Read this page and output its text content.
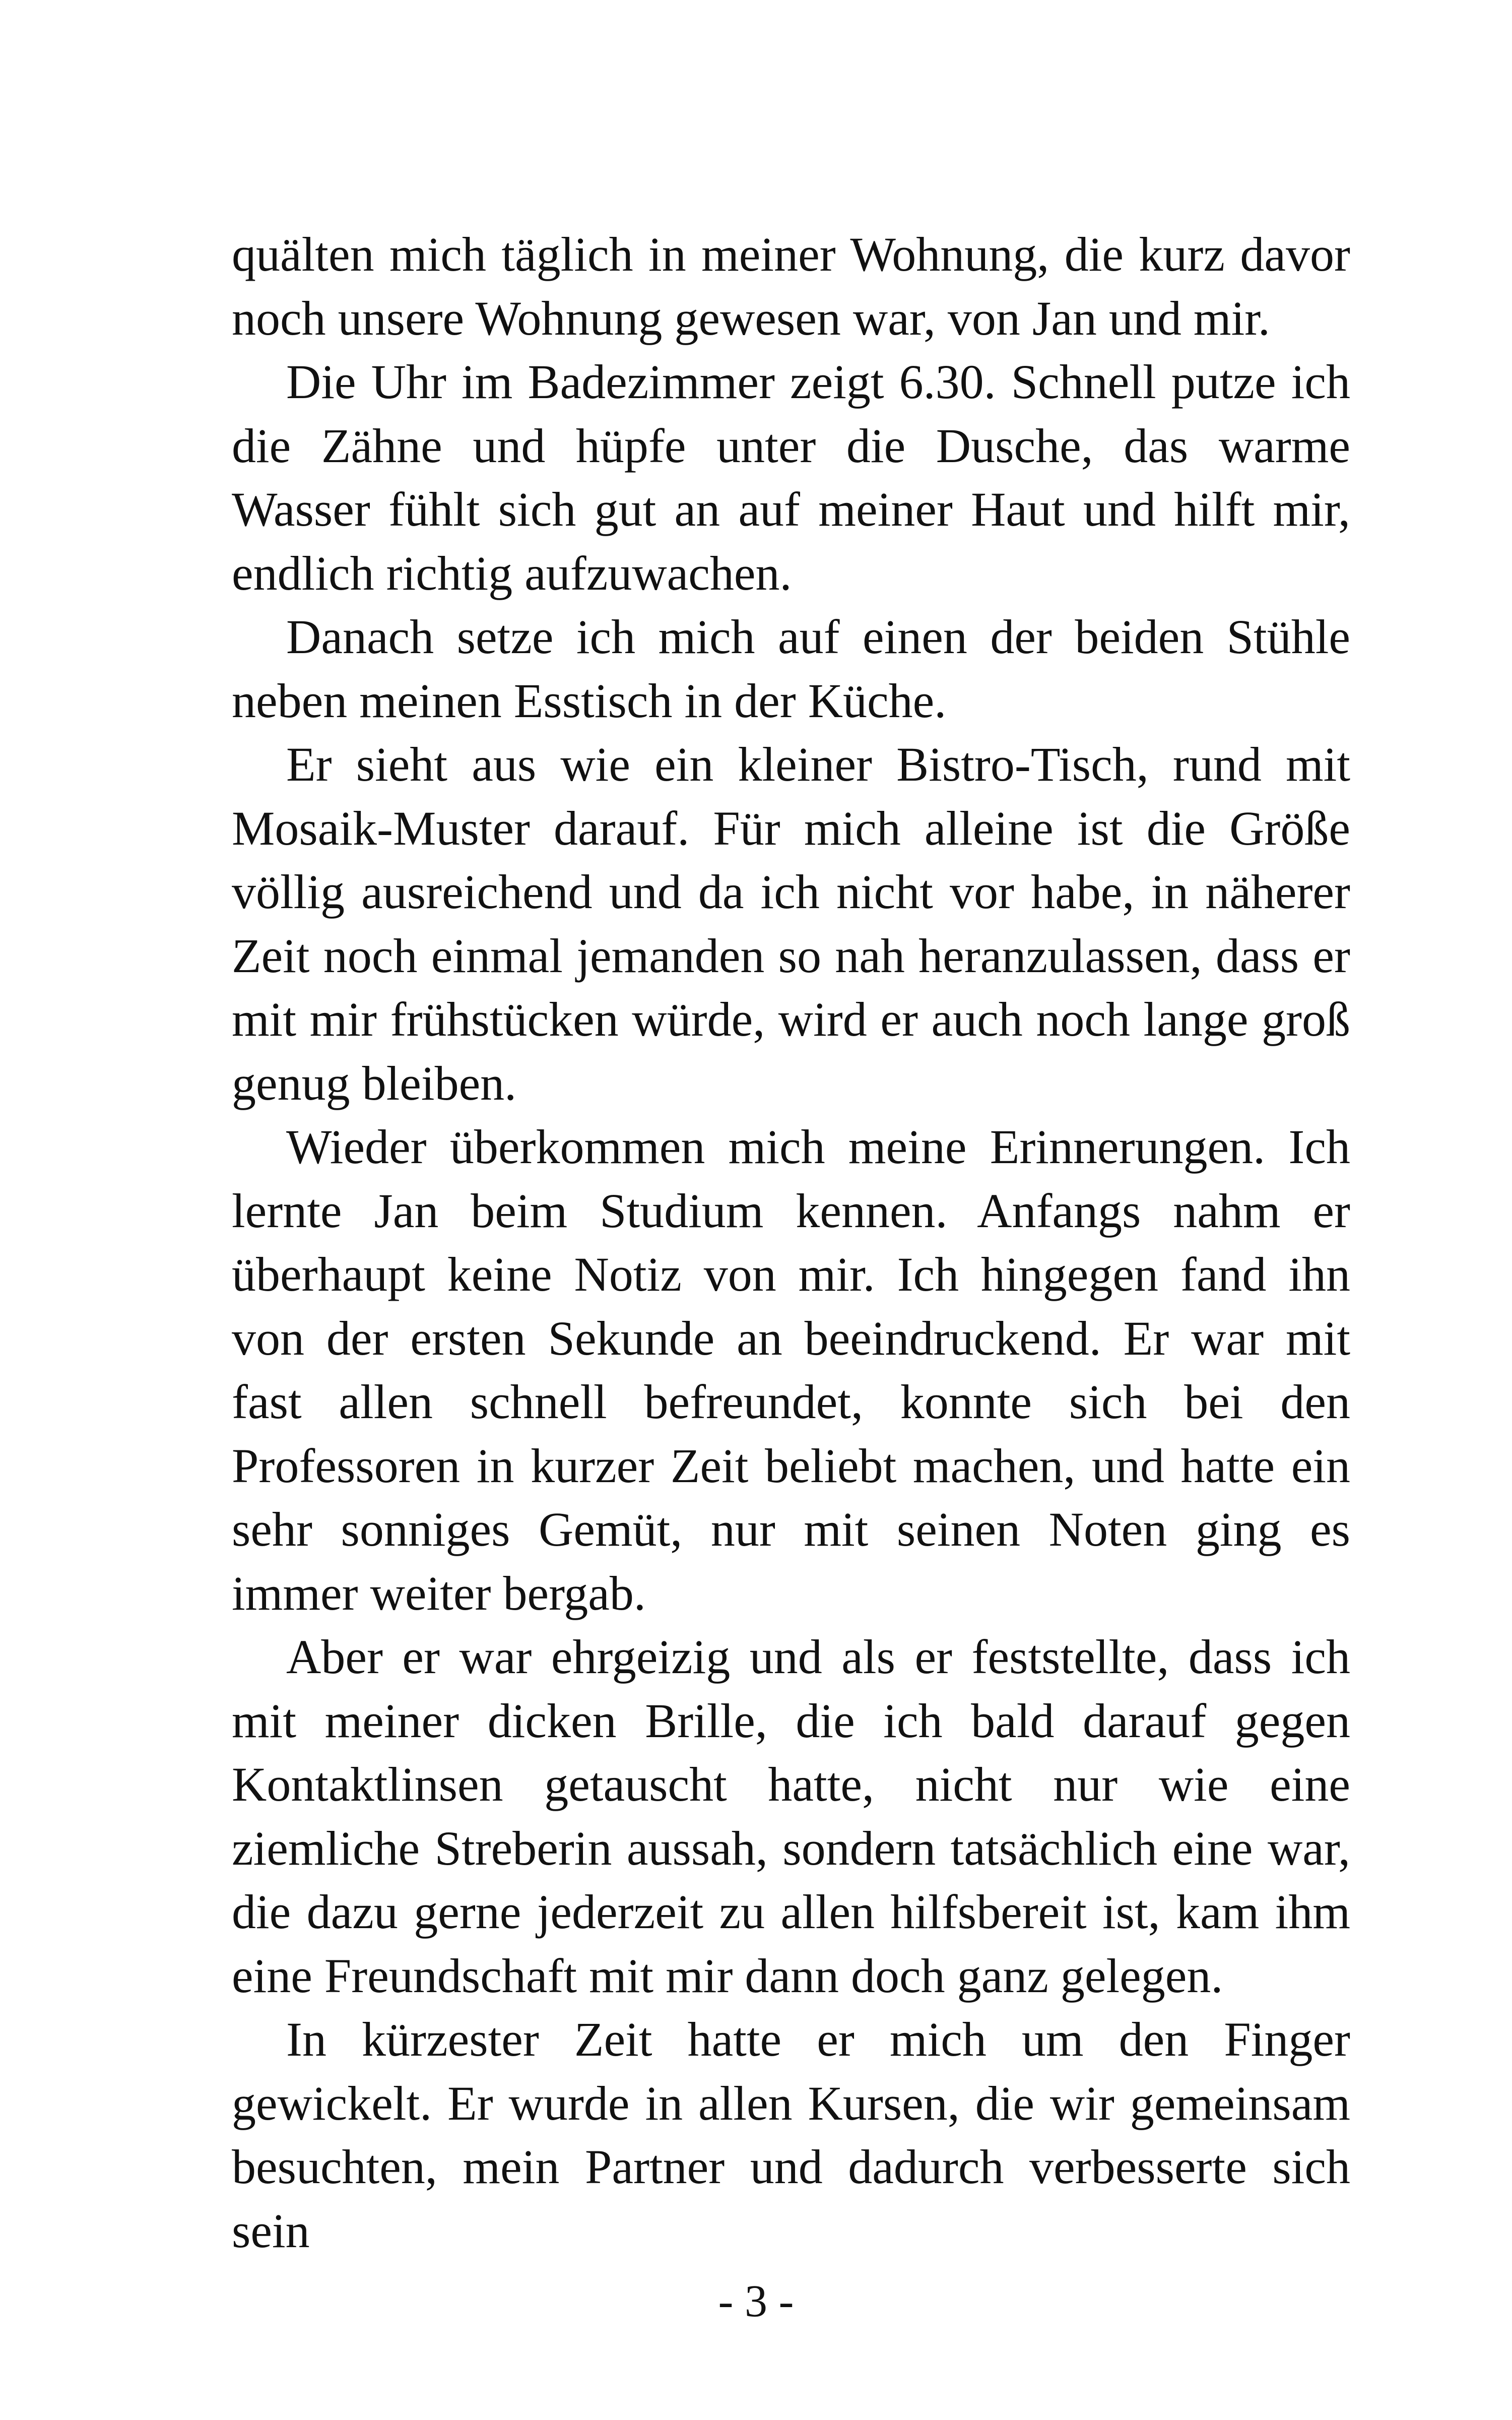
quälten mich täglich in meiner Wohnung, die kurz davor noch unsere Wohnung gewesen war, von Jan und mir.

Die Uhr im Badezimmer zeigt 6.30. Schnell putze ich die Zähne und hüpfe unter die Dusche, das warme Wasser fühlt sich gut an auf meiner Haut und hilft mir, endlich richtig aufzuwachen.

Danach setze ich mich auf einen der beiden Stühle neben meinen Esstisch in der Küche.

Er sieht aus wie ein kleiner Bistro-Tisch, rund mit Mosaik-Muster darauf. Für mich alleine ist die Größe völlig ausreichend und da ich nicht vor habe, in näherer Zeit noch einmal jemanden so nah heranzulassen, dass er mit mir frühstücken würde, wird er auch noch lange groß genug bleiben.

Wieder überkommen mich meine Erinnerungen. Ich lernte Jan beim Studium kennen. Anfangs nahm er überhaupt keine Notiz von mir. Ich hingegen fand ihn von der ersten Sekunde an beeindruckend. Er war mit fast allen schnell befreundet, konnte sich bei den Professoren in kurzer Zeit beliebt machen, und hatte ein sehr sonniges Gemüt, nur mit seinen Noten ging es immer weiter bergab.

Aber er war ehrgeizig und als er feststellte, dass ich mit meiner dicken Brille, die ich bald darauf gegen Kontaktlinsen getauscht hatte, nicht nur wie eine ziemliche Streberin aussah, sondern tatsächlich eine war, die dazu gerne jederzeit zu allen hilfsbereit ist, kam ihm eine Freundschaft mit mir dann doch ganz gelegen.

In kürzester Zeit hatte er mich um den Finger gewickelt. Er wurde in allen Kursen, die wir gemeinsam besuchten, mein Partner und dadurch verbesserte sich sein

- 3 -
